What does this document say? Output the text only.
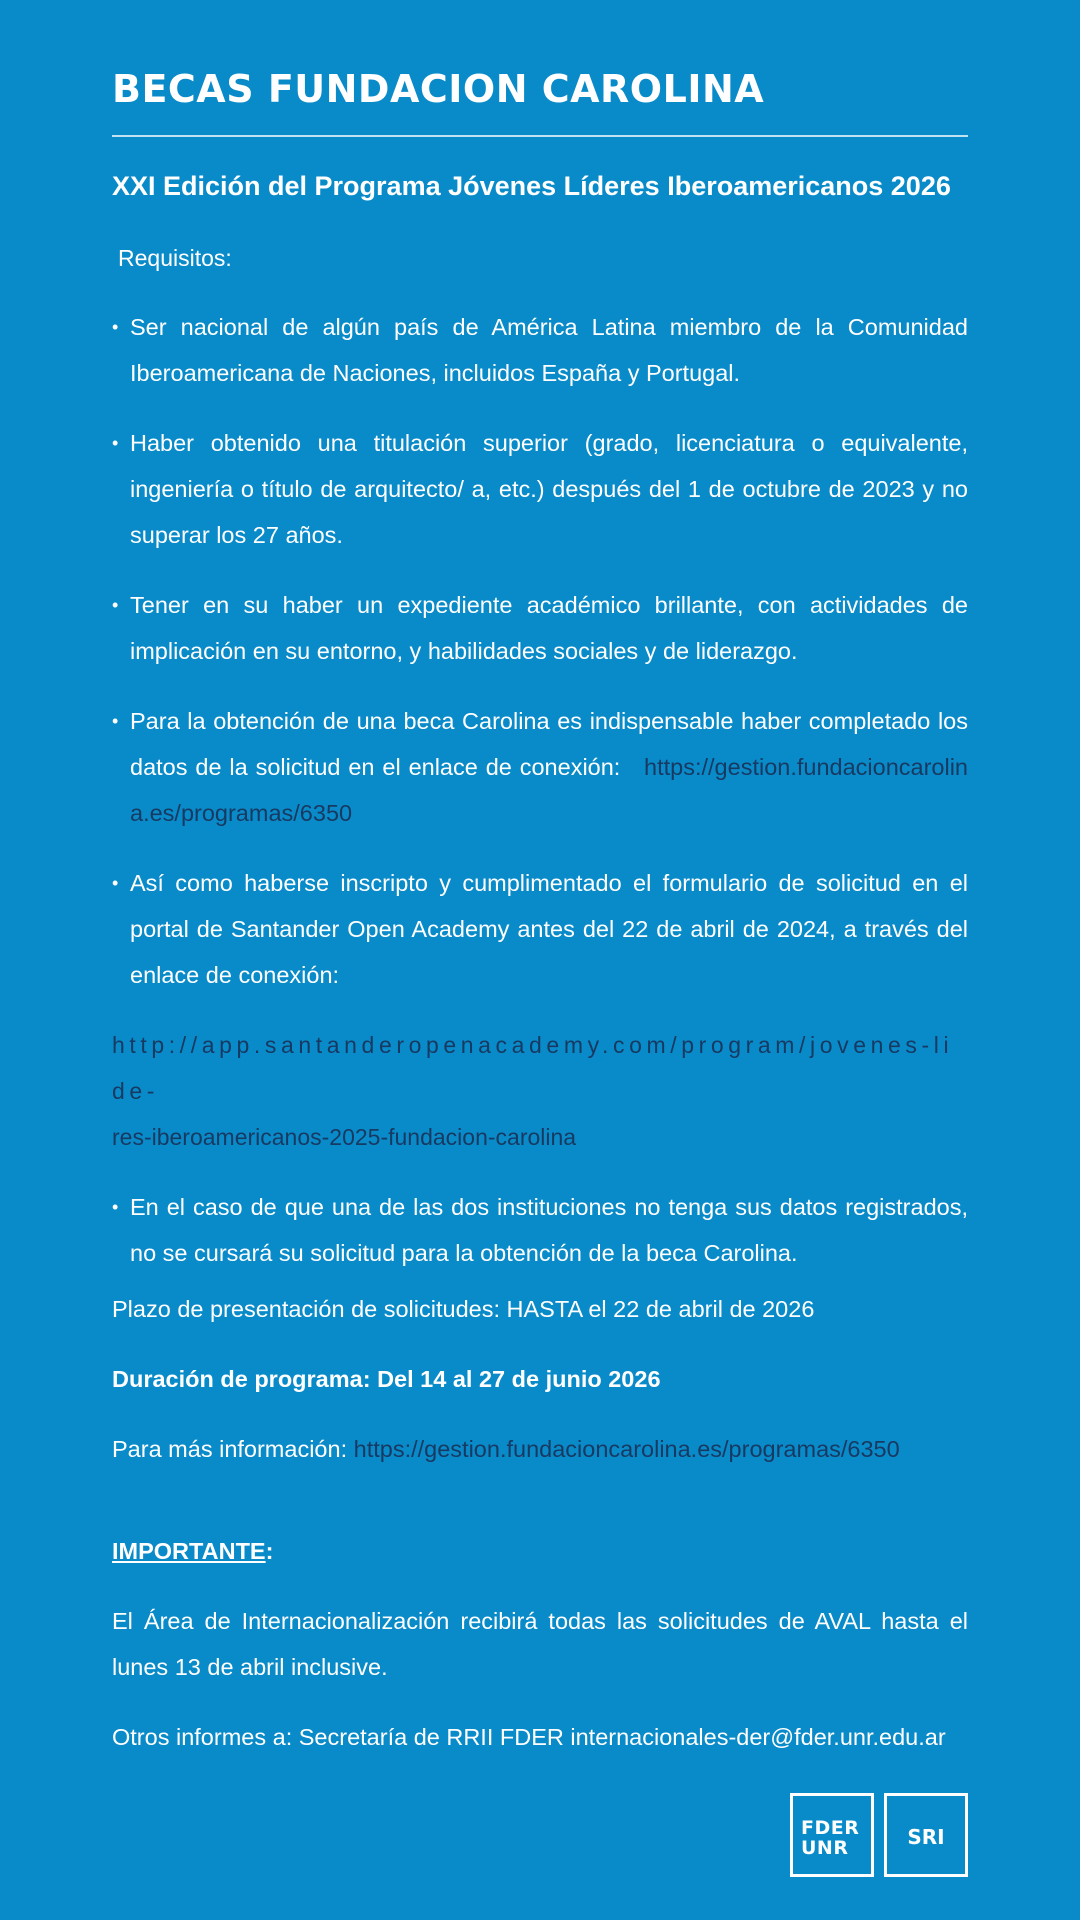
BECAS FUNDACION CAROLINA
XXI Edición del Programa Jóvenes Líderes Iberoamericanos 2026
Requisitos:
• Ser nacional de algún país de América Latina miembro de la Comunidad Iberoamericana de Naciones, incluidos España y Portugal.
• Haber obtenido una titulación superior (grado, licenciatura o equivalente, ingeniería o título de arquitecto/ a, etc.) después del 1 de octubre de 2023 y no superar los 27 años.
• Tener en su haber un expediente académico brillante, con actividades de implicación en su entorno, y habilidades sociales y de liderazgo.
• Para la obtención de una beca Carolina es indispensable haber completado los datos de la solicitud en el enlace de conexión: https://gestion.fundacioncarolina.es/programas/6350
• Así como haberse inscripto y cumplimentado el formulario de solicitud en el portal de Santander Open Academy antes del 22 de abril de 2024, a través del enlace de conexión:
http://app.santanderopenacademy.com/program/jovenes-lide-
res-iberoamericanos-2025-fundacion-carolina
• En el caso de que una de las dos instituciones no tenga sus datos registrados, no se cursará su solicitud para la obtención de la beca Carolina.
Plazo de presentación de solicitudes: HASTA el 22 de abril de 2026
Duración de programa: Del 14 al 27 de junio 2026
Para más información: https://gestion.fundacioncarolina.es/programas/6350
IMPORTANTE:
El Área de Internacionalización recibirá todas las solicitudes de AVAL hasta el lunes 13 de abril inclusive.
Otros informes a: Secretaría de RRII FDER internacionales-der@fder.unr.edu.ar
FDER
UNR	SRI
